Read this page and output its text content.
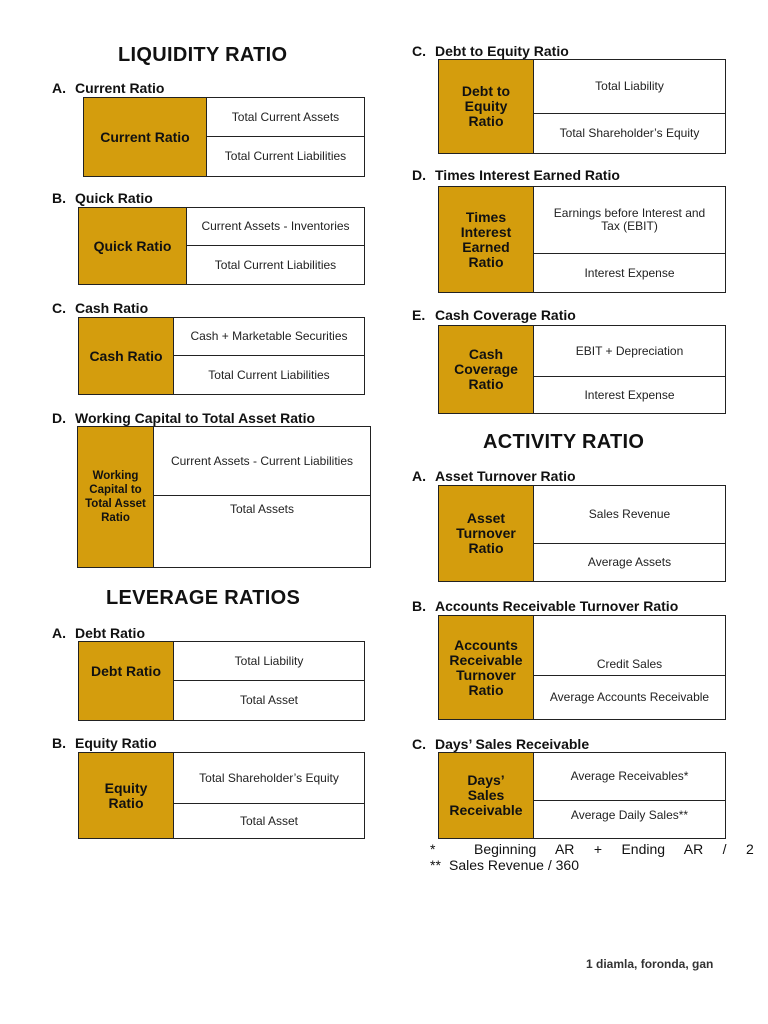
LIQUIDITY RATIO
A. Current Ratio
Current Ratio	$\frac{\text{Total Current Assets}}{\text{Total Current Liabilities}}$
B. Quick Ratio
Quick Ratio	$\frac{\text{Current Assets - Inventories}}{\text{Total Current Liabilities}}$
C. Cash Ratio
Cash Ratio $\frac{\text{Cash + Marketable Securities}}{\text{Total Current Liabilities}}$
D. Working Capital to Total Asset Ratio
Working Capital to Total Asset Ratio	$\frac{\text{Current Assets - Current Liabilities}}{\text{Total Assets}}$
LEVERAGE RATIOS
A. Debt Ratio
Debt Ratio	$\frac{\text{Total Liability}}{\text{Total Asset}}$
B. Equity Ratio
Equity Ratio	$\frac{\text{Total Shareholder’s Equity}}{\text{Total Asset}}$
C. Debt to Equity Ratio
Debt to Equity Ratio	$\frac{\text{Total Liability}}{\text{Total Shareholder’s Equity}}$
D. Times Interest Earned Ratio
Times Interest Earned Ratio	$\frac{\text{Earnings before Interest and Tax (EBIT)}}{\text{Interest Expense}}$
E. Cash Coverage Ratio
Cash Coverage Ratio	$\frac{\text{EBIT + Depreciation}}{\text{Interest Expense}}$
ACTIVITY RATIO
A. Asset Turnover Ratio
Asset Turnover Ratio	$\frac{\text{Sales Revenue}}{\text{Average Assets}}$
B. Accounts Receivable Turnover Ratio
Accounts Receivable Turnover Ratio	$\frac{\text{Credit Sales}}{\text{Average Accounts Receivable}}$
C. Days’ Sales Receivable
Days’ Sales Receivable $\frac{\text{Average Receivables*}}{\text{Average Daily Sales**}}$
*	Beginning     AR     +     Ending     AR     /     2
** Sales Revenue / 360
1 diamla, foronda, gan
